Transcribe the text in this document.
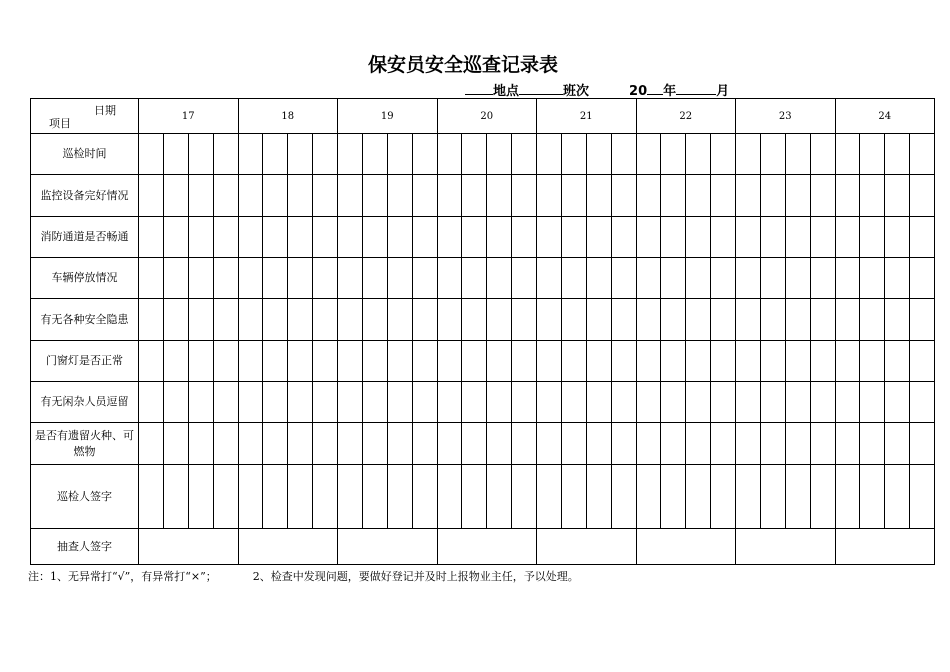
保安员安全巡查记录表
地点	班次	20 年	月
日期
项目	17				18				19				20				21				22				23				24			
巡检时间																																
监控设备完好情况																																
消防通道是否畅通																																
车辆停放情况																																
有无各种安全隐患																																
门窗灯是否正常																																
有无闲杂人员逗留																																
是否有遗留火种、可燃物																																
巡检人签字																																
抽查人签字																																
注：1、无异常打“√”，有异常打“×”；	2、检查中发现问题，要做好登记并及时上报物业主任，予以处理。
